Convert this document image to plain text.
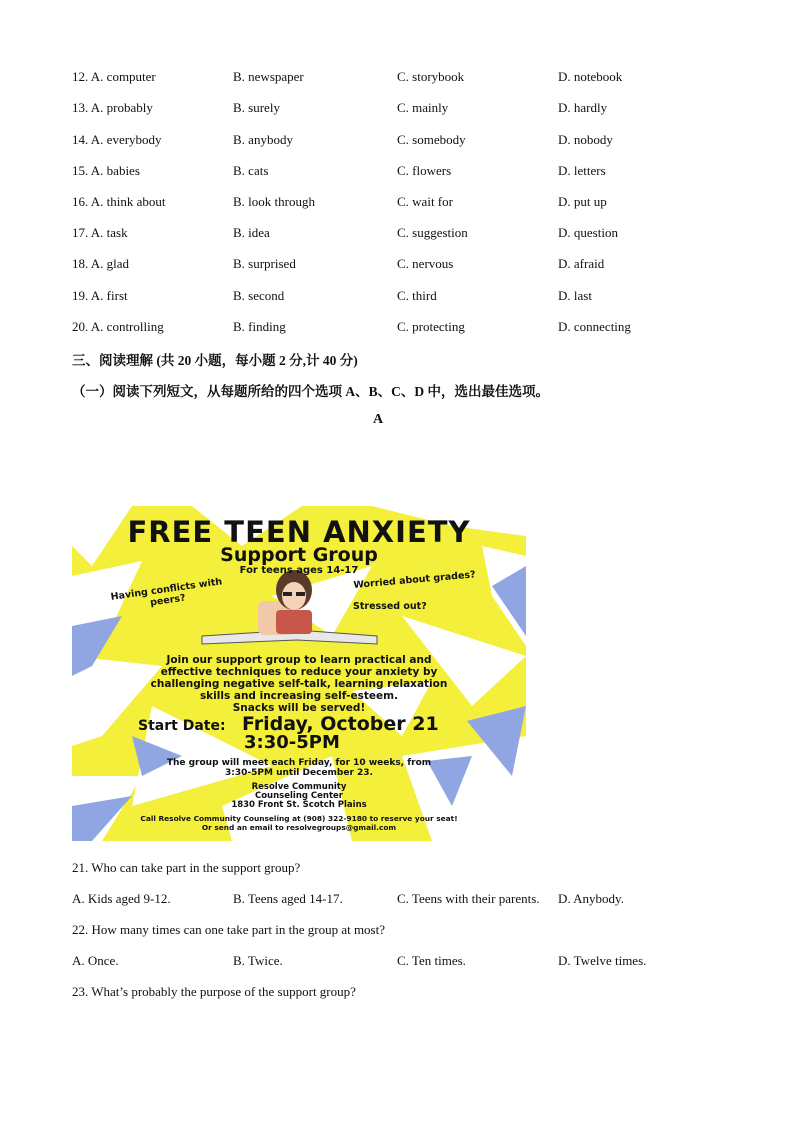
12. A. computer	B. newspaper	C. storybook	D. notebook
13. A. probably	B. surely	C. mainly	D. hardly
14. A. everybody	B. anybody	C. somebody	D. nobody
15. A. babies	B. cats	C. flowers	D. letters
16. A. think about	B. look through	C. wait for	D. put up
17. A. task	B. idea	C. suggestion	D. question
18. A. glad	B. surprised	C. nervous	D. afraid
19. A. first	B. second	C. third	D. last
20. A. controlling	B. finding	C. protecting	D. connecting
三、阅读理解 (共 20 小题，每小题 2 分,计 40 分)
（一）阅读下列短文，从每题所给的四个选项 A、B、C、D 中，选出最佳选项。
A
FREE TEEN ANXIETY
Support Group
For teens ages 14-17
Having conflicts with
peers?
Worried about grades?
Stressed out?
Join our support group to learn practical and
effective techniques to reduce your anxiety by
challenging negative self-talk, learning relaxation
skills and increasing self-esteem.
Snacks will be served!
Start Date: Friday, October 21
3:30-5PM
The group will meet each Friday, for 10 weeks, from
3:30-5PM until December 23.
Resolve Community
Counseling Center
1830 Front St. Scotch Plains
Call Resolve Community Counseling at (908) 322-9180 to reserve your seat!
Or send an email to resolvegroups@gmail.com
21. Who can take part in the support group?
A. Kids aged 9-12.	B. Teens aged 14-17.	C. Teens with their parents. D. Anybody.
22. How many times can one take part in the group at most?
A. Once.	B. Twice.	C. Ten times.	D. Twelve times.
23. What’s probably the purpose of the support group?
